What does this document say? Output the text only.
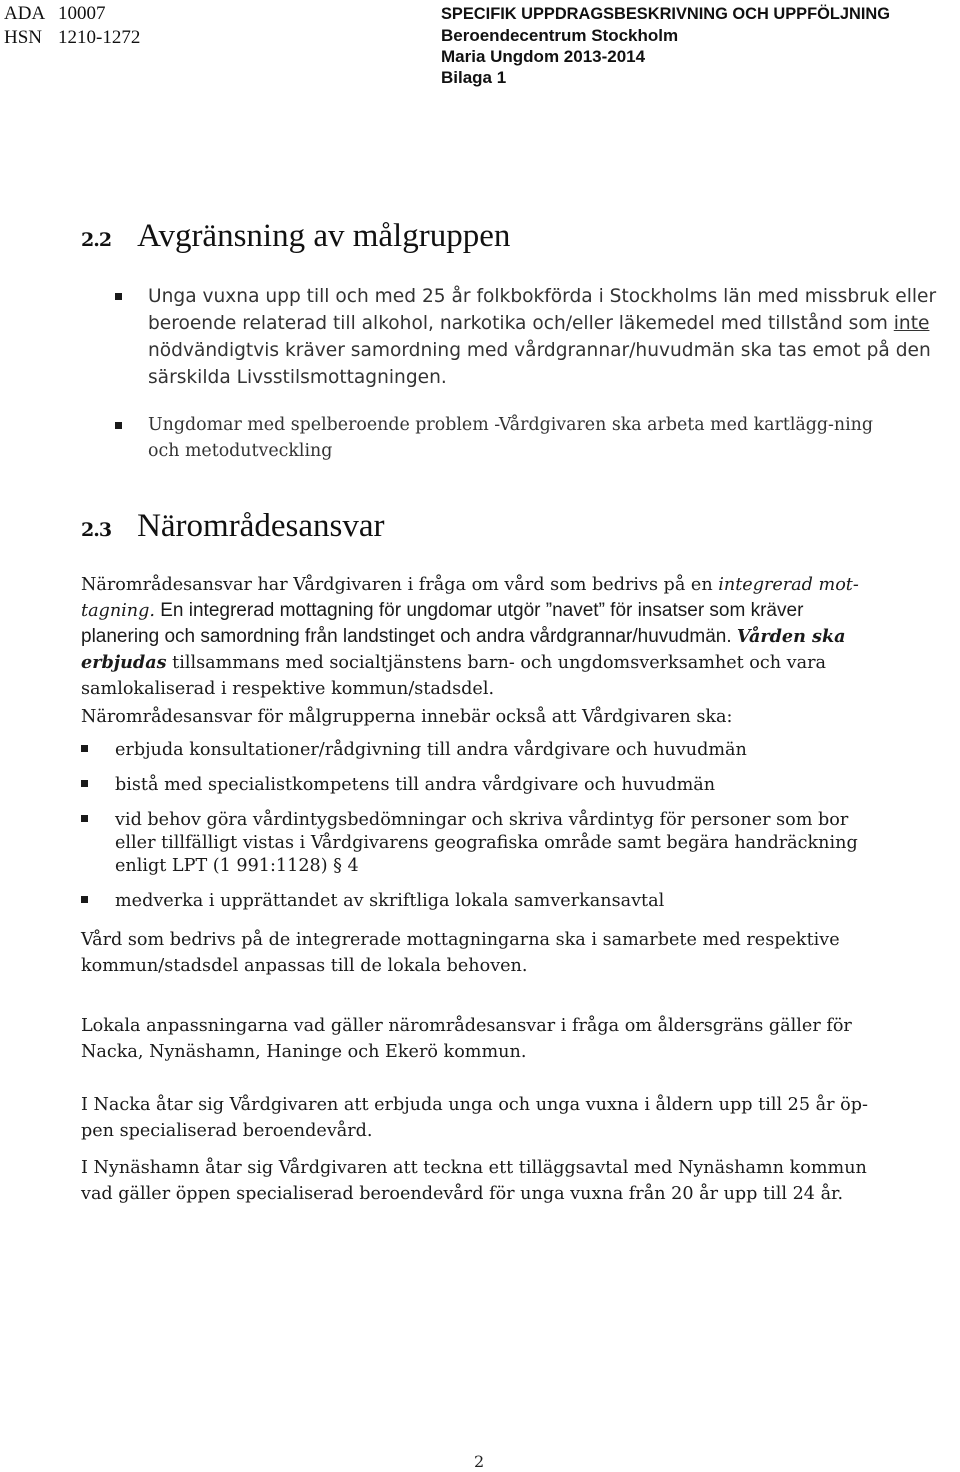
ADA 10007
HSN 1210-1272
SPECIFIK UPPDRAGSBESKRIVNING OCH UPPFÖLJNING
Beroendecentrum Stockholm
Maria Ungdom 2013-2014
Bilaga 1
2.2 Avgränsning av målgruppen
Unga vuxna upp till och med 25 år folkbokförda i Stockholms län med missbruk eller beroende relaterad till alkohol, narkotika och/eller läkemedel med tillstånd som inte nödvändigtvis kräver samordning med vårdgrannar/huvudmän ska tas emot på den särskilda Livsstilsmottagningen.
Ungdomar med spelberoende problem -Vårdgivaren ska arbeta med kartlägg-ning och metodutveckling
2.3 Närområdesansvar
Närområdesansvar har Vårdgivaren i fråga om vård som bedrivs på en integrerad mot-tagning. En integrerad mottagning för ungdomar utgör ”navet” för insatser som kräver planering och samordning från landstinget och andra vårdgrannar/huvudmän. Vården ska erbjudas tillsammans med socialtjänstens barn- och ungdomsverksamhet och vara samlokaliserad i respektive kommun/stadsdel.
Närområdesansvar för målgrupperna innebär också att Vårdgivaren ska:
erbjuda konsultationer/rådgivning till andra vårdgivare och huvudmän
bistå med specialistkompetens till andra vårdgivare och huvudmän
vid behov göra vårdintygsbedömningar och skriva vårdintyg för personer som bor eller tillfälligt vistas i Vårdgivarens geografiska område samt begära handräckning enligt LPT (1 991:1128) § 4
medverka i upprättandet av skriftliga lokala samverkansavtal
Vård som bedrivs på de integrerade mottagningarna ska i samarbete med respektive kommun/stadsdel anpassas till de lokala behoven.
Lokala anpassningarna vad gäller närområdesansvar i fråga om åldersgräns gäller för Nacka, Nynäshamn, Haninge och Ekerö kommun.
I Nacka åtar sig Vårdgivaren att erbjuda unga och unga vuxna i åldern upp till 25 år öp-pen specialiserad beroendevård.
I Nynäshamn åtar sig Vårdgivaren att teckna ett tilläggsavtal med Nynäshamn kommun vad gäller öppen specialiserad beroendevård för unga vuxna från 20 år upp till 24 år.
2
